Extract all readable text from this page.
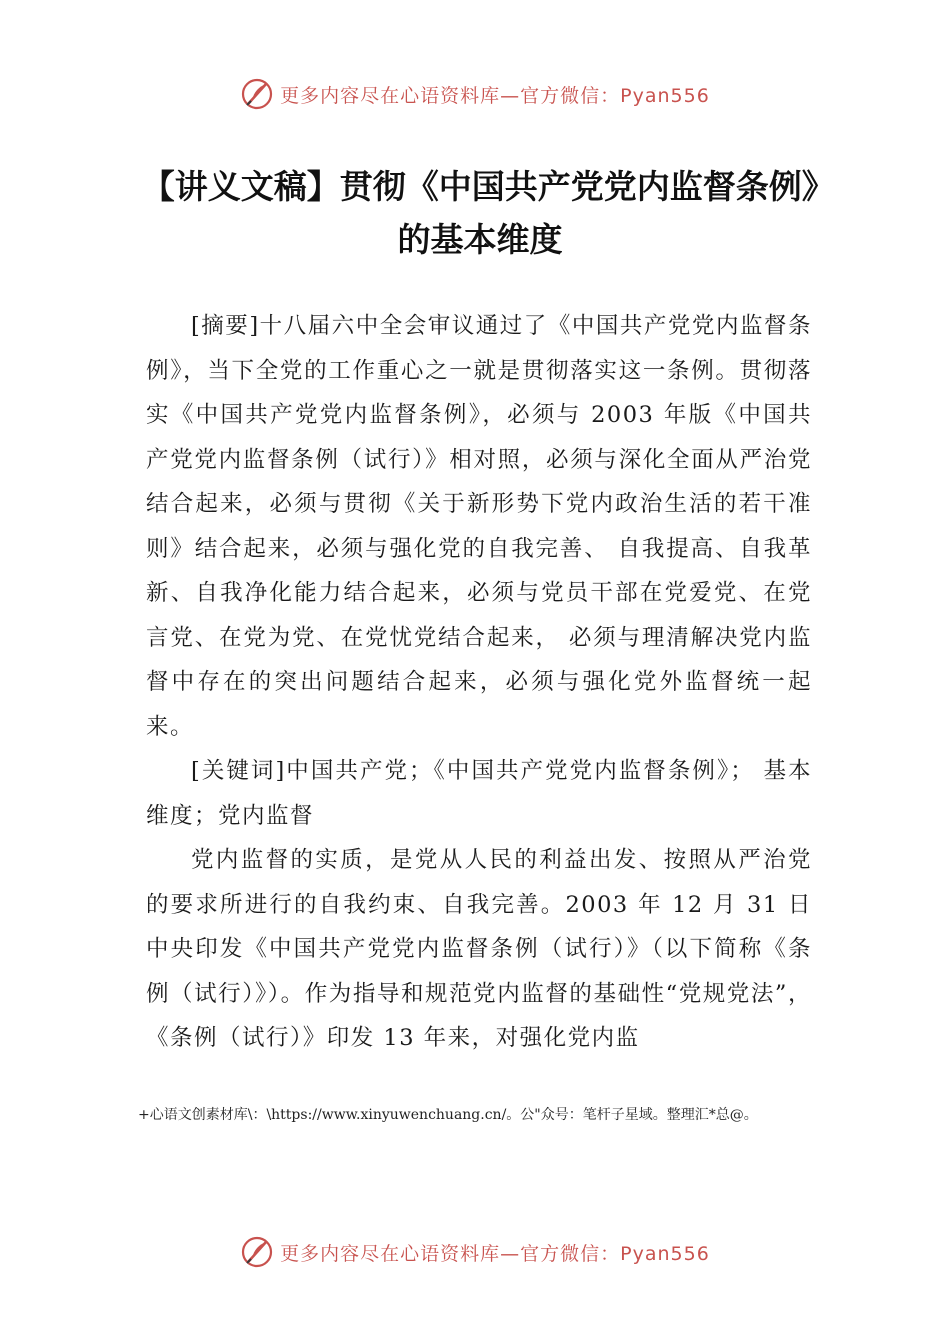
更多内容尽在心语资料库—官方微信：Pyan556
【讲义文稿】贯彻《中国共产党党内监督条例》的基本维度

[摘要]十八届六中全会审议通过了《中国共产党党内监督条例》，当下全党的工作重心之一就是贯彻落实这一条例。贯彻落实《中国共产党党内监督条例》，必须与 2003 年版《中国共产党党内监督条例（试行）》相对照，必须与深化全面从严治党结合起来，必须与贯彻《关于新形势下党内政治生活的若干准则》结合起来，必须与强化党的自我完善、 自我提高、自我革新、自我净化能力结合起来，必须与党员干部在党爱党、在党言党、在党为党、在党忧党结合起来， 必须与理清解决党内监督中存在的突出问题结合起来，必须与强化党外监督统一起来。

[关键词]中国共产党；《中国共产党党内监督条例》； 基本维度；党内监督

党内监督的实质，是党从人民的利益出发、按照从严治党的要求所进行的自我约束、自我完善。2003 年 12 月 31 日中央印发《中国共产党党内监督条例（试行）》（以下简称《条例（试行）》）。作为指导和规范党内监督的基础性“党规党法”，《条例（试行）》印发 13 年来，对强化党内监

+心语文创素材库\：\https://www.xinyuwenchuang.cn/。公"众号：笔杆子星域。整理汇*总@。
更多内容尽在心语资料库—官方微信：Pyan556
